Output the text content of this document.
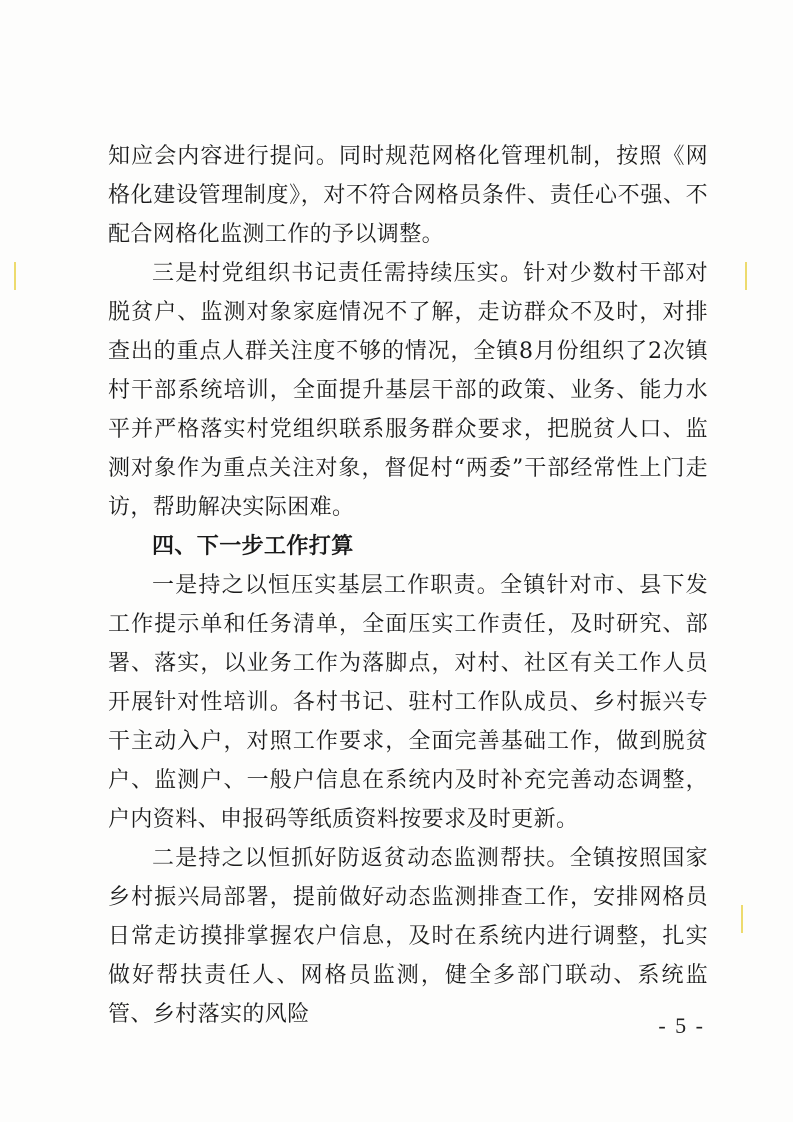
知应会内容进行提问。同时规范网格化管理机制，按照《网格化建设管理制度》，对不符合网格员条件、责任心不强、不配合网格化监测工作的予以调整。

三是村党组织书记责任需持续压实。针对少数村干部对脱贫户、监测对象家庭情况不了解，走访群众不及时，对排查出的重点人群关注度不够的情况，全镇8月份组织了2次镇村干部系统培训，全面提升基层干部的政策、业务、能力水平并严格落实村党组织联系服务群众要求，把脱贫人口、监测对象作为重点关注对象，督促村“两委”干部经常性上门走访，帮助解决实际困难。

四、下一步工作打算

一是持之以恒压实基层工作职责。全镇针对市、县下发工作提示单和任务清单，全面压实工作责任，及时研究、部署、落实，以业务工作为落脚点，对村、社区有关工作人员开展针对性培训。各村书记、驻村工作队成员、乡村振兴专干主动入户，对照工作要求，全面完善基础工作，做到脱贫户、监测户、一般户信息在系统内及时补充完善动态调整，户内资料、申报码等纸质资料按要求及时更新。

二是持之以恒抓好防返贫动态监测帮扶。全镇按照国家乡村振兴局部署，提前做好动态监测排查工作，安排网格员日常走访摸排掌握农户信息，及时在系统内进行调整，扎实做好帮扶责任人、网格员监测，健全多部门联动、系统监管、乡村落实的风险	- 5 -
